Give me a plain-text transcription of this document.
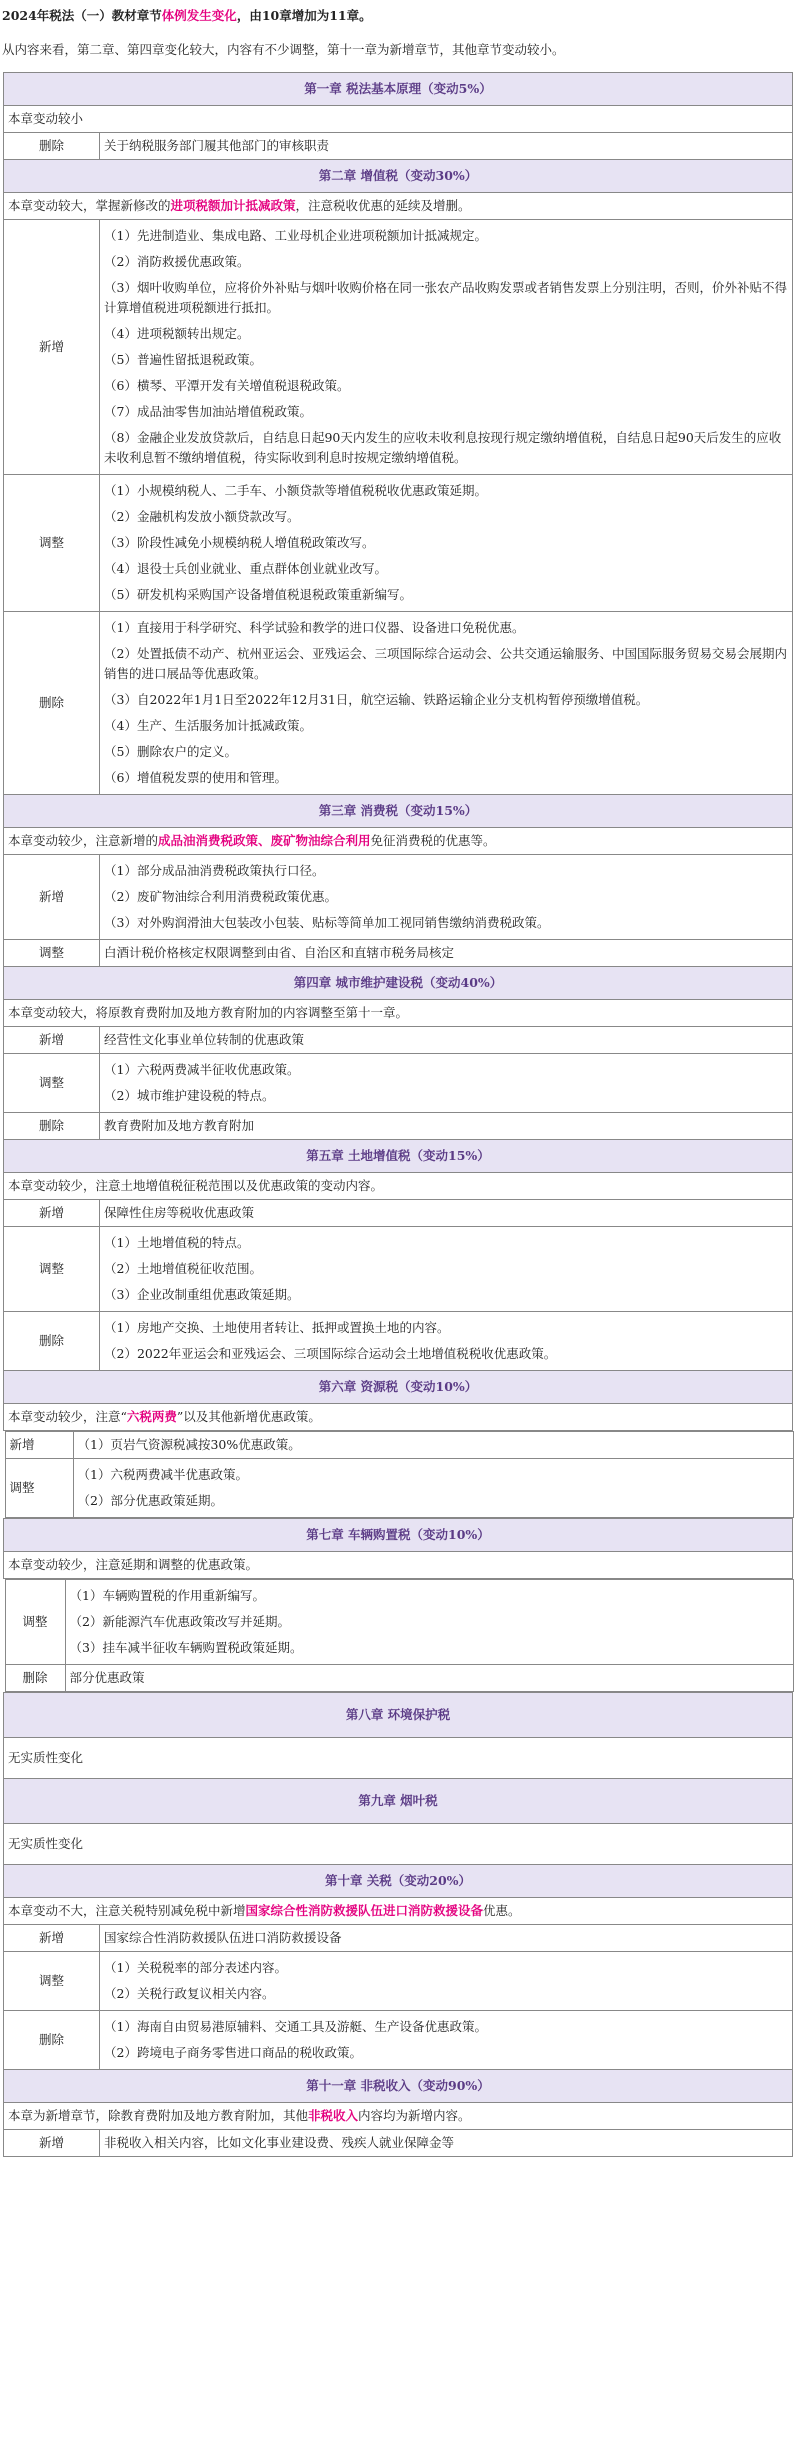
2024年税法（一）教材章节体例发生变化，由10章增加为11章。

从内容来看，第二章、第四章变化较大，内容有不少调整，第十一章为新增章节，其他章节变动较小。

第一章 税法基本原理（变动5%）
本章变动较小
删除	关于纳税服务部门履其他部门的审核职责
第二章 增值税（变动30%）
本章变动较大，掌握新修改的进项税额加计抵减政策，注意税收优惠的延续及增删。
新增	
（1）先进制造业、集成电路、工业母机企业进项税额加计抵减规定。
（2）消防救援优惠政策。
（3）烟叶收购单位，应将价外补贴与烟叶收购价格在同一张农产品收购发票或者销售发票上分别注明，否则，价外补贴不得计算增值税进项税额进行抵扣。
（4）进项税额转出规定。
（5）普遍性留抵退税政策。
（6）横琴、平潭开发有关增值税退税政策。
（7）成品油零售加油站增值税政策。
（8）金融企业发放贷款后，自结息日起90天内发生的应收未收利息按现行规定缴纳增值税，自结息日起90天后发生的应收未收利息暂不缴纳增值税，待实际收到利息时按规定缴纳增值税。

调整	
（1）小规模纳税人、二手车、小额贷款等增值税税收优惠政策延期。
（2）金融机构发放小额贷款改写。
（3）阶段性减免小规模纳税人增值税政策改写。
（4）退役士兵创业就业、重点群体创业就业改写。
（5）研发机构采购国产设备增值税退税政策重新编写。

删除	
（1）直接用于科学研究、科学试验和教学的进口仪器、设备进口免税优惠。
（2）处置抵债不动产、杭州亚运会、亚残运会、三项国际综合运动会、公共交通运输服务、中国国际服务贸易交易会展期内销售的进口展品等优惠政策。
（3）自2022年1月1日至2022年12月31日，航空运输、铁路运输企业分支机构暂停预缴增值税。
（4）生产、生活服务加计抵减政策。
（5）删除农户的定义。
（6）增值税发票的使用和管理。

第三章 消费税（变动15%）
本章变动较少，注意新增的成品油消费税政策、废矿物油综合利用免征消费税的优惠等。
新增	
（1）部分成品油消费税政策执行口径。
（2）废矿物油综合利用消费税政策优惠。
（3）对外购润滑油大包装改小包装、贴标等简单加工视同销售缴纳消费税政策。

调整	白酒计税价格核定权限调整到由省、自治区和直辖市税务局核定
第四章 城市维护建设税（变动40%）
本章变动较大，将原教育费附加及地方教育附加的内容调整至第十一章。
新增	经营性文化事业单位转制的优惠政策
调整	
（1）六税两费减半征收优惠政策。
（2）城市维护建设税的特点。

删除	教育费附加及地方教育附加
第五章 土地增值税（变动15%）
本章变动较少，注意土地增值税征税范围以及优惠政策的变动内容。
新增	保障性住房等税收优惠政策
调整	
（1）土地增值税的特点。
（2）土地增值税征收范围。
（3）企业改制重组优惠政策延期。

删除	
（1）房地产交换、土地使用者转让、抵押或置换土地的内容。
（2）2022年亚运会和亚残运会、三项国际综合运动会土地增值税税收优惠政策。

第六章 资源税（变动10%）
本章变动较少，注意“六税两费”以及其他新增优惠政策。

新增	（1）页岩气资源税减按30%优惠政策。
调整	
（1）六税两费减半优惠政策。
（2）部分优惠政策延期。

第七章 车辆购置税（变动10%）
本章变动较少，注意延期和调整的优惠政策。

调整	
（1）车辆购置税的作用重新编写。
（2）新能源汽车优惠政策改写并延期。
（3）挂车减半征收车辆购置税政策延期。

删除	部分优惠政策

第八章 环境保护税
无实质性变化
第九章 烟叶税
无实质性变化
第十章 关税（变动20%）
本章变动不大，注意关税特别减免税中新增国家综合性消防救援队伍进口消防救援设备优惠。
新增	国家综合性消防救援队伍进口消防救援设备
调整	
（1）关税税率的部分表述内容。
（2）关税行政复议相关内容。

删除	
（1）海南自由贸易港原辅料、交通工具及游艇、生产设备优惠政策。
（2）跨境电子商务零售进口商品的税收政策。

第十一章 非税收入（变动90%）
本章为新增章节，除教育费附加及地方教育附加，其他非税收入内容均为新增内容。
新增	非税收入相关内容，比如文化事业建设费、残疾人就业保障金等
